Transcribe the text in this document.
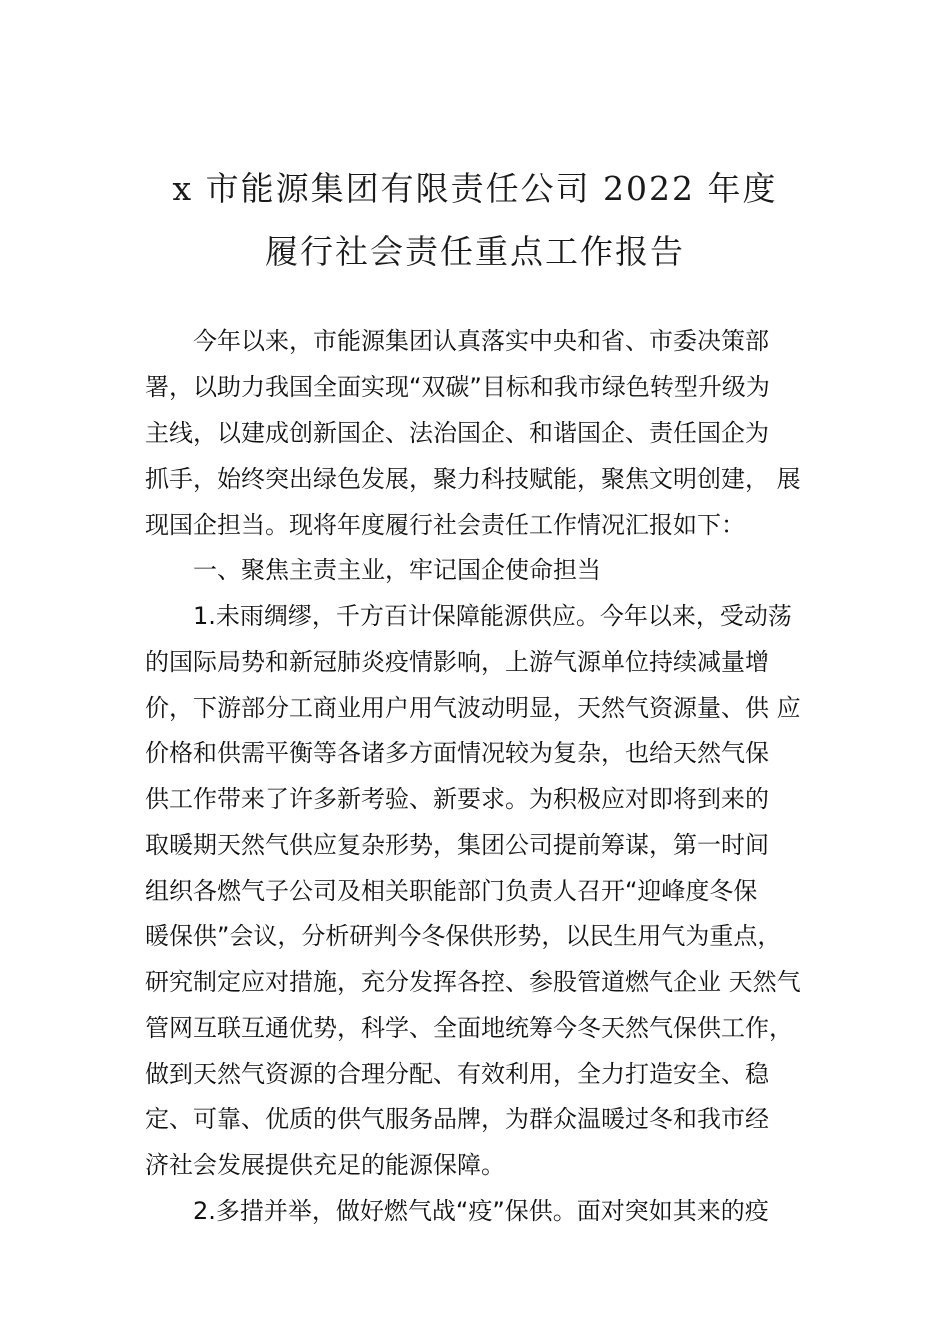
x 市能源集团有限责任公司 2022 年度
履行社会责任重点工作报告
今年以来，市能源集团认真落实中央和省、市委决策部
署，以助力我国全面实现“双碳”目标和我市绿色转型升级为
主线，以建成创新国企、法治国企、和谐国企、责任国企为
抓手，始终突出绿色发展，聚力科技赋能，聚焦文明创建， 展
现国企担当。现将年度履行社会责任工作情况汇报如下：
一、聚焦主责主业，牢记国企使命担当
1.未雨绸缪，千方百计保障能源供应。今年以来，受动荡
的国际局势和新冠肺炎疫情影响，上游气源单位持续减量增
价，下游部分工商业用户用气波动明显，天然气资源量、供 应
价格和供需平衡等各诸多方面情况较为复杂，也给天然气保
供工作带来了许多新考验、新要求。为积极应对即将到来的
取暖期天然气供应复杂形势，集团公司提前筹谋，第一时间
组织各燃气子公司及相关职能部门负责人召开“迎峰度冬保
暖保供”会议，分析研判今冬保供形势，以民生用气为重点，
研究制定应对措施，充分发挥各控、参股管道燃气企业 天然气
管网互联互通优势，科学、全面地统筹今冬天然气保供工作，
做到天然气资源的合理分配、有效利用，全力打造安全、稳
定、可靠、优质的供气服务品牌，为群众温暖过冬和我市经
济社会发展提供充足的能源保障。
2.多措并举，做好燃气战“疫”保供。面对突如其来的疫
